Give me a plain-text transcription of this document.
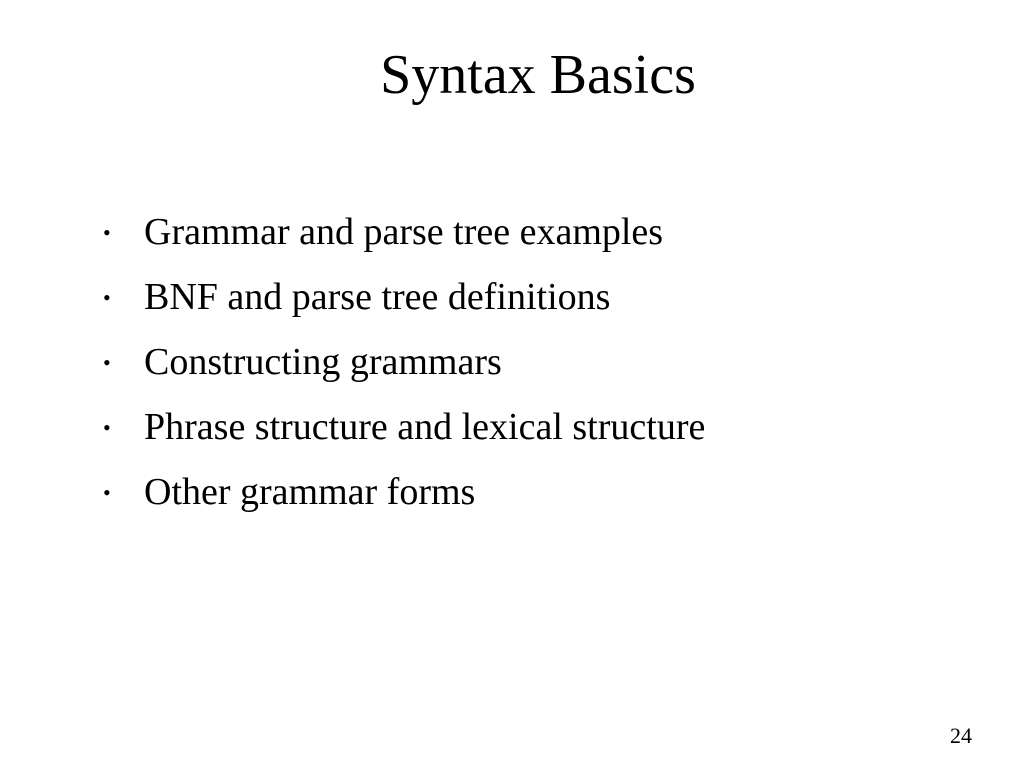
Syntax Basics
• Grammar and parse tree examples
• BNF and parse tree definitions
• Constructing grammars
• Phrase structure and lexical structure
• Other grammar forms
24
